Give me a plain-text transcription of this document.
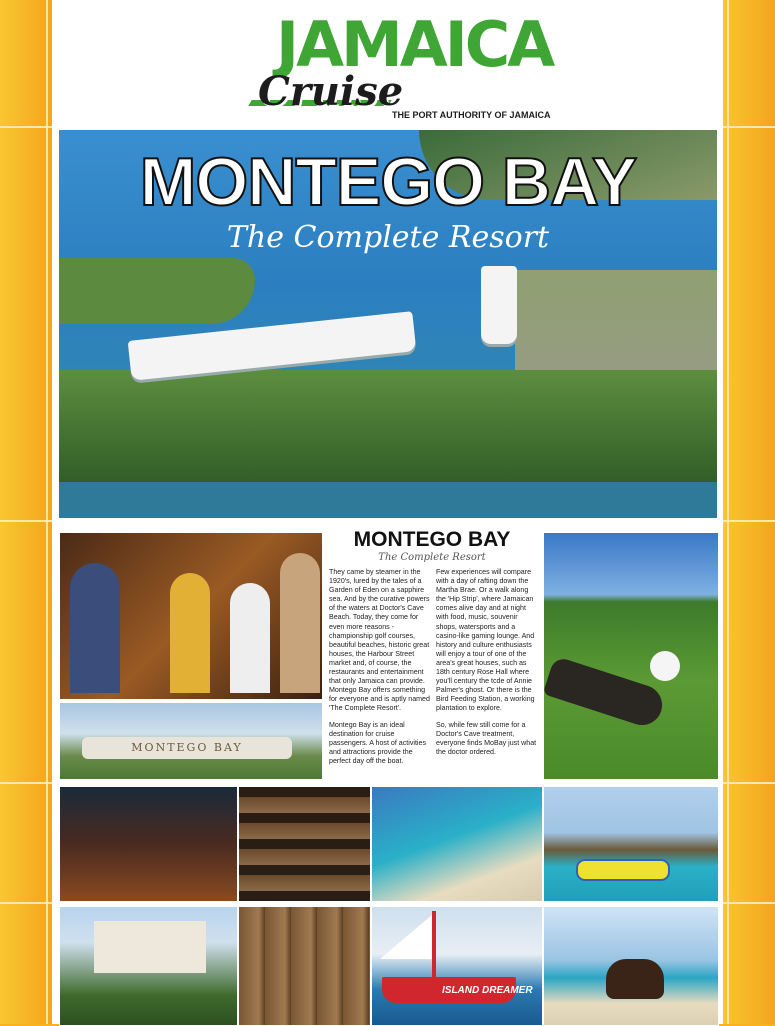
JAMAICA
Cruise
THE PORT AUTHORITY OF JAMAICA
MONTEGO BAY
The Complete Resort
MONTEGO BAY
MONTEGO BAY
The Complete Resort

They came by steamer in the 1920's, lured by the tales of a Garden of Eden on a sapphire sea. And by the curative powers of the waters at Doctor's Cave Beach. Today, they come for even more reasons -championship golf courses, beautiful beaches, historic great houses, the Harbour Street market and, of course, the restaurants and entertainment that only Jamaica can provide. Montego Bay offers something for everyone and is aptly named 'The Complete Resort'.

Montego Bay is an ideal destination for cruise passengers. A host of activities and attractions provide the perfect day off the boat.

Few experiences will compare with a day of rafting down the Martha Brae. Or a walk along the 'Hip Strip', where Jamaican comes alive day and at night with food, music, souvenir shops, watersports and a casino-like gaming lounge. And history and culture enthusiasts will enjoy a tour of one of the area's great houses, such as 18th century Rose Hall where you'll century the tcde of Annie Palmer's ghost. Or there is the Bird Feeding Station, a working plantation to explore.

So, while few still come for a Doctor's Cave treatment, everyone finds MoBay just what the doctor ordered.

ISLAND DREAMER
